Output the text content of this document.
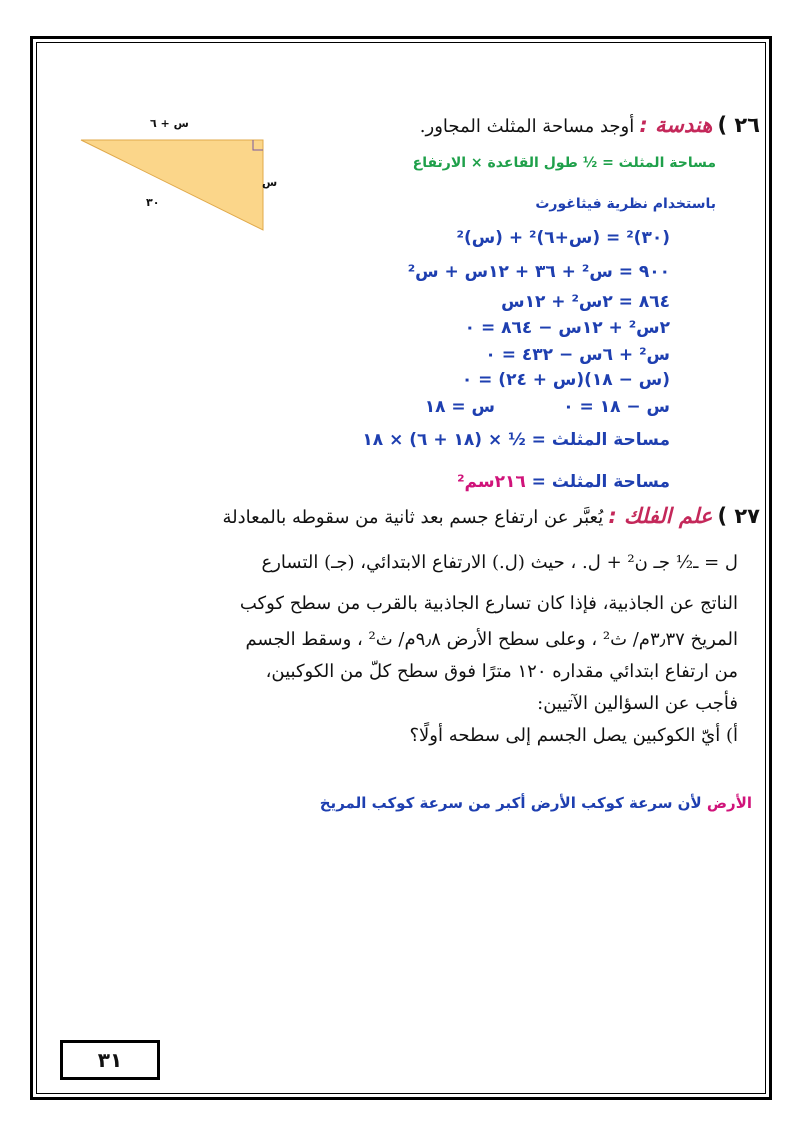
س + ٦
س
٣٠
٢٦ ) هندسة : أوجد مساحة المثلث المجاور.
مساحة المثلث = ½ طول القاعدة × الارتفاع
باستخدام نظرية فيثاغورث
(٣٠)² = (س+٦)² + (س)²
٩٠٠ = س² + ٣٦ + ١٢س + س²
٨٦٤ = ٢س² + ١٢س
٢س² + ١٢س − ٨٦٤ = ٠
س² + ٦س − ٤٣٢ = ٠
(س − ١٨)(س + ٢٤) = ٠
س − ١٨ = ٠
س = ١٨
مساحة المثلث = ½ × (١٨ + ٦) × ١٨
مساحة المثلث = ٢١٦سم²
٢٧ ) علم الفلك : يُعبَّر عن ارتفاع جسم بعد ثانية من سقوطه بالمعادلة
ل = ـ½ جـ ن² + ل. ، حيث (ل.) الارتفاع الابتدائي، (جـ) التسارع
الناتج عن الجاذبية، فإذا كان تسارع الجاذبية بالقرب من سطح كوكب
المريخ ٣٫٣٧م/ ث² ، وعلى سطح الأرض ٩٫٨م/ ث² ، وسقط الجسم
من ارتفاع ابتدائي مقداره ١٢٠ مترًا فوق سطح كلّ من الكوكبين،
فأجب عن السؤالين الآتيين:
أ) أيّ الكوكبين يصل الجسم إلى سطحه أولًا؟
الأرض لأن سرعة كوكب الأرض أكبر من سرعة كوكب المريخ
٣١
